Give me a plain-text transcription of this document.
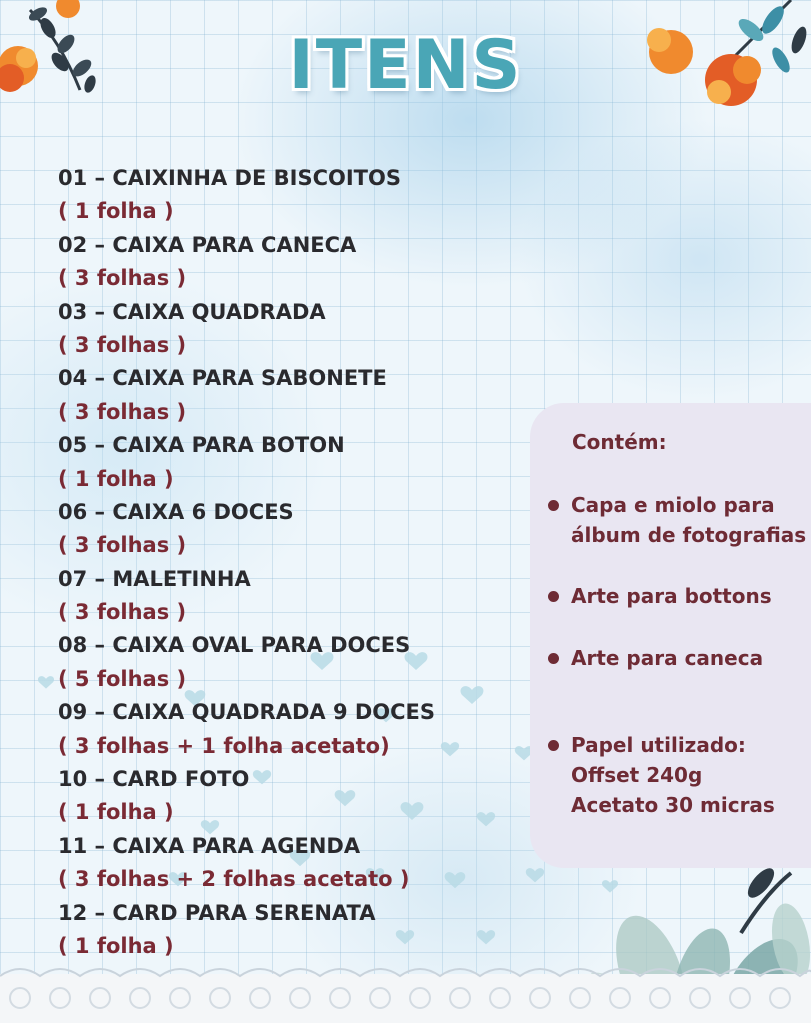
ITENS
01 – CAIXINHA DE BISCOITOS
( 1 folha )
02 – CAIXA PARA CANECA
( 3 folhas )
03 – CAIXA QUADRADA
( 3 folhas )
04 – CAIXA PARA SABONETE
( 3 folhas )
05 – CAIXA PARA BOTON
( 1 folha )
06 – CAIXA 6 DOCES
( 3 folhas )
07 – MALETINHA
( 3 folhas )
08 – CAIXA OVAL PARA DOCES
( 5 folhas )
09 – CAIXA QUADRADA 9 DOCES
( 3 folhas + 1 folha acetato)
10 – CARD FOTO
( 1 folha )
11 – CAIXA PARA AGENDA
( 3 folhas + 2 folhas acetato )
12 – CARD PARA SERENATA
( 1 folha )
Contém:
Capa e miolo para
álbum de fotografias
Arte para bottons
Arte para caneca
Papel utilizado:
Offset 240g
Acetato 30 micras
